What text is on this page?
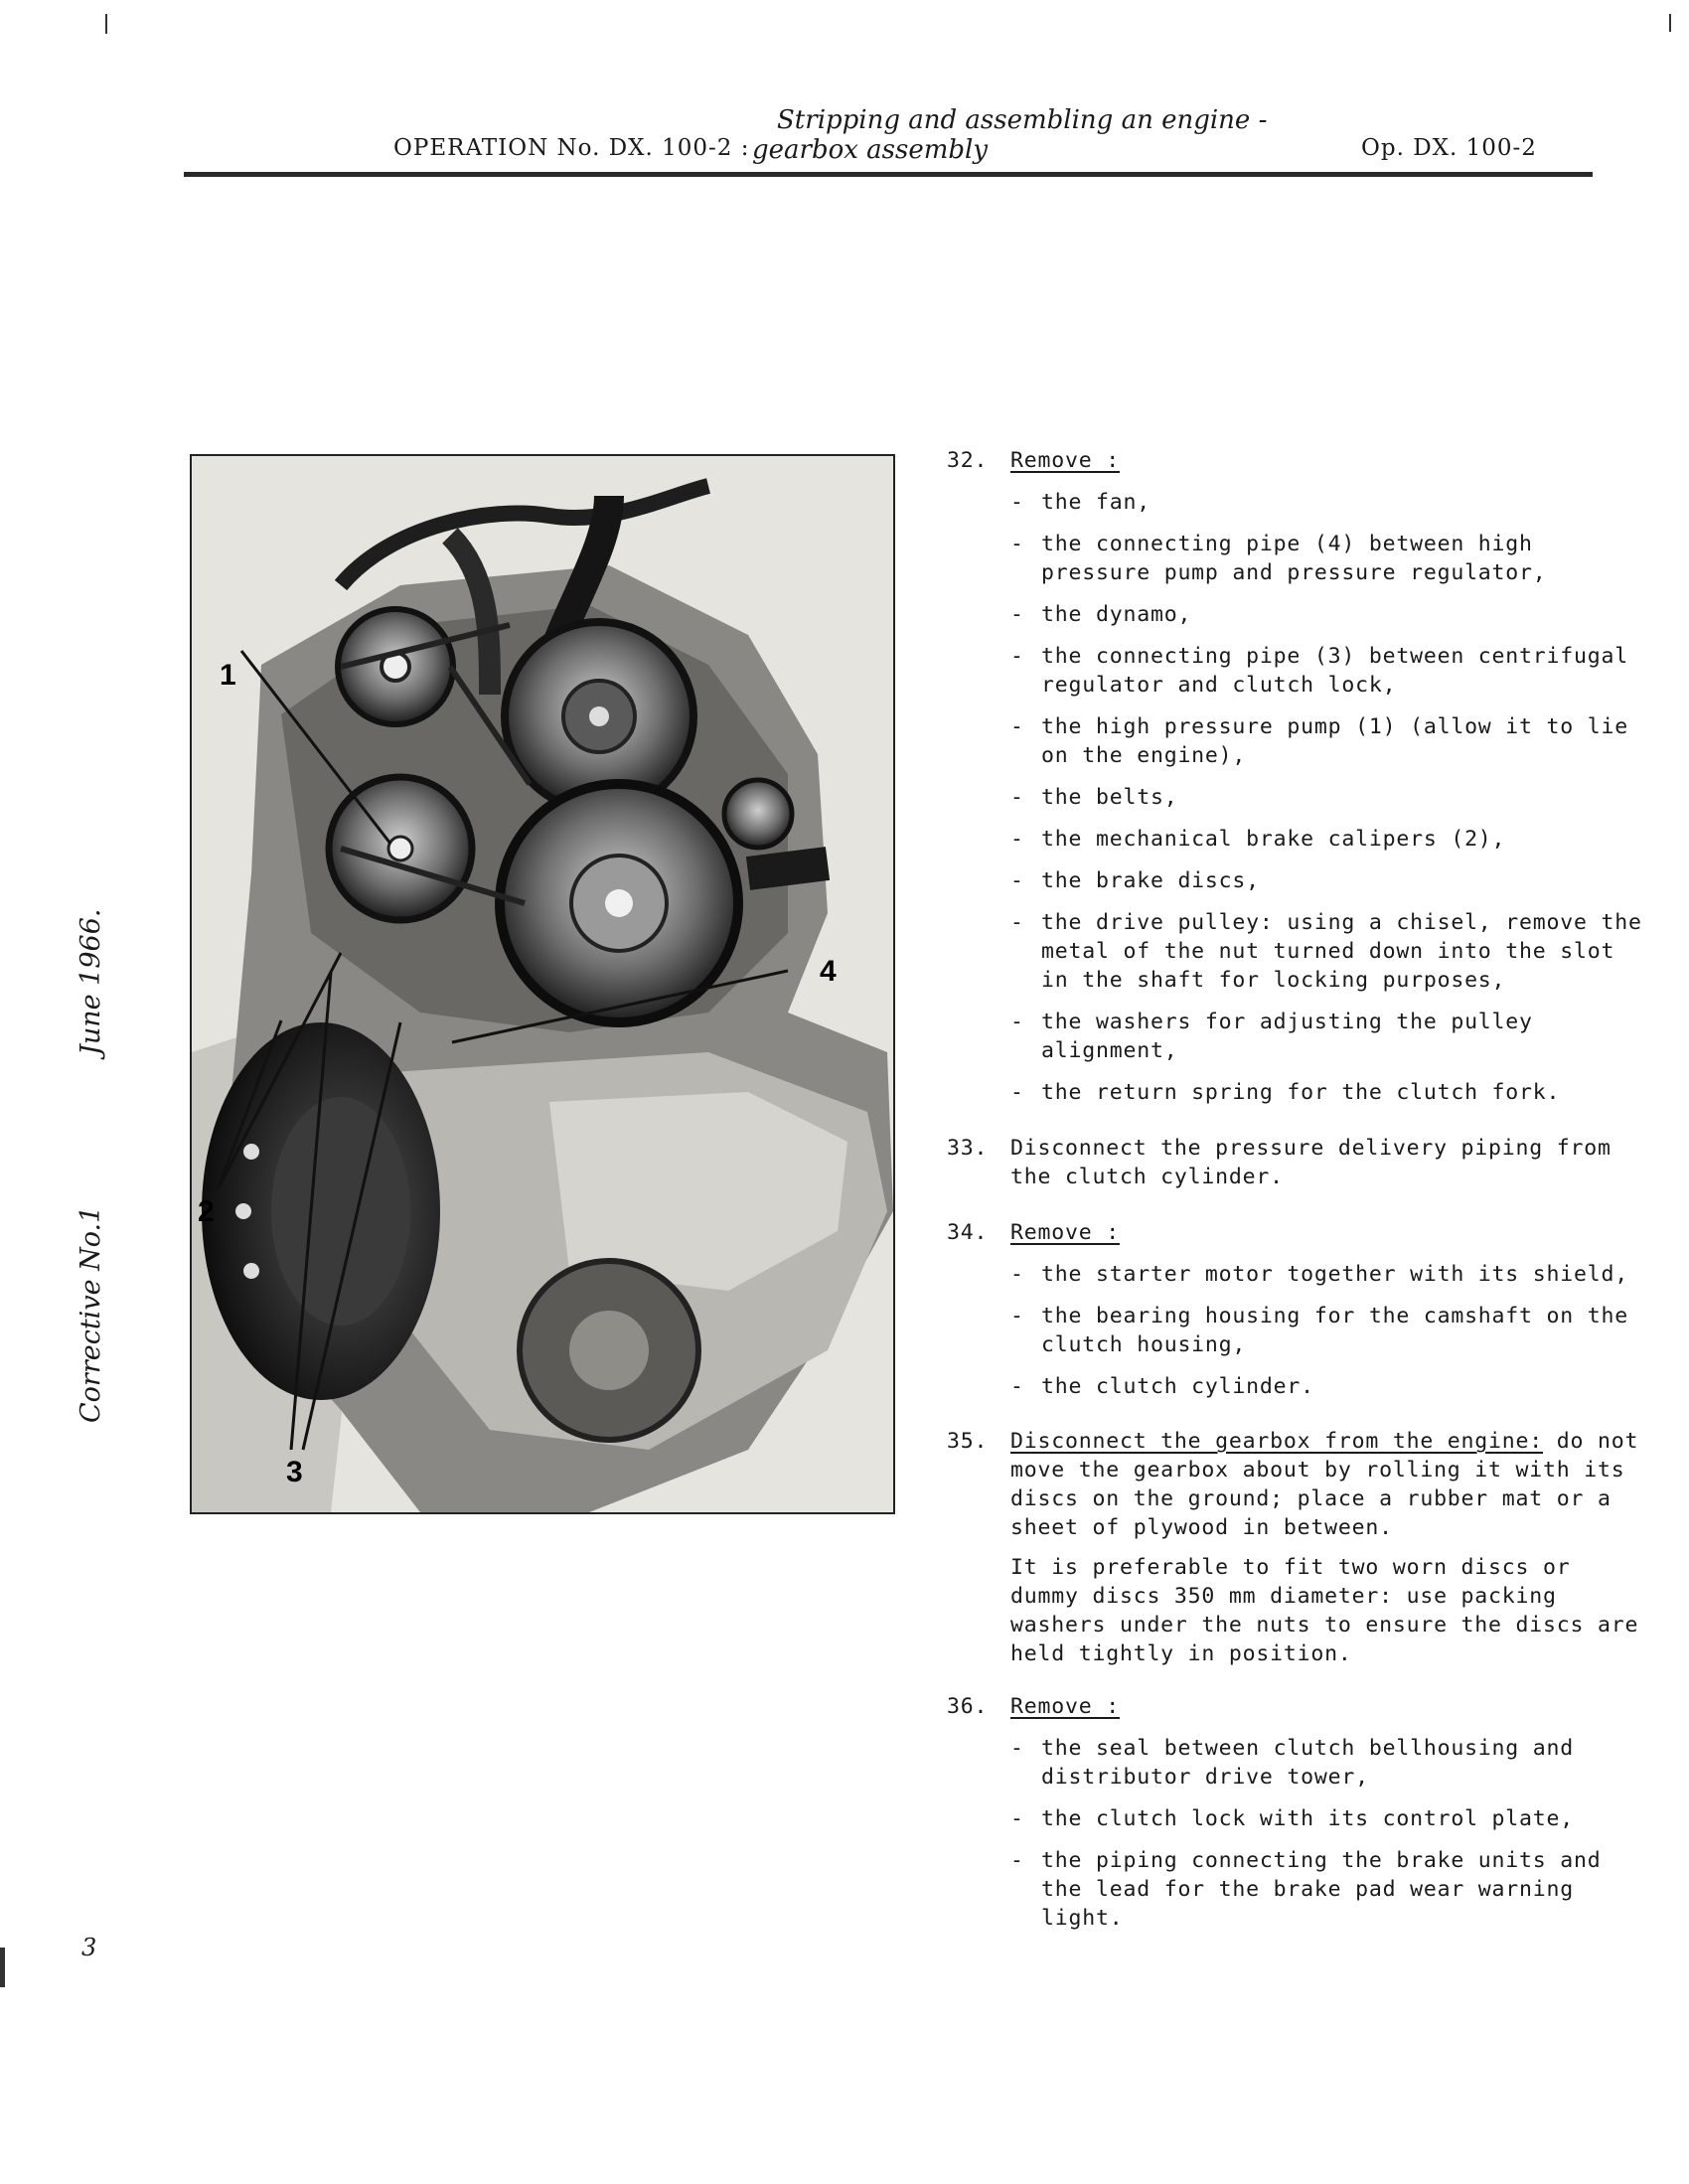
Stripping and assembling an engine -
OPERATION No. DX. 100-2 : gearbox assembly	Op. DX. 100-2
June 1966.
Corrective No.1
1
2
3
4
32.	Remove :
- the fan,
- the connecting pipe (4) between high pressure pump and pressure regulator,
- the dynamo,
- the connecting pipe (3) between centrifugal regulator and clutch lock,
- the high pressure pump (1) (allow it to lie on the engine),
- the belts,
- the mechanical brake calipers (2),
- the brake discs,
- the drive pulley: using a chisel, remove the metal of the nut turned down into the slot in the shaft for locking purposes,
- the washers for adjusting the pulley alignment,
- the return spring for the clutch fork.
33.	Disconnect the pressure delivery piping from the clutch cylinder.
34.	Remove :
- the starter motor together with its shield,
- the bearing housing for the camshaft on the clutch housing,
- the clutch cylinder.
35.	Disconnect the gearbox from the engine: do not move the gearbox about by rolling it with its discs on the ground; place a rubber mat or a sheet of plywood in between.
It is preferable to fit two worn discs or dummy discs 350 mm diameter: use packing washers under the nuts to ensure the discs are held tightly in position.
36.	Remove :
- the seal between clutch bellhousing and distributor drive tower,
- the clutch lock with its control plate,
- the piping connecting the brake units and the lead for the brake pad wear warning light.
3
